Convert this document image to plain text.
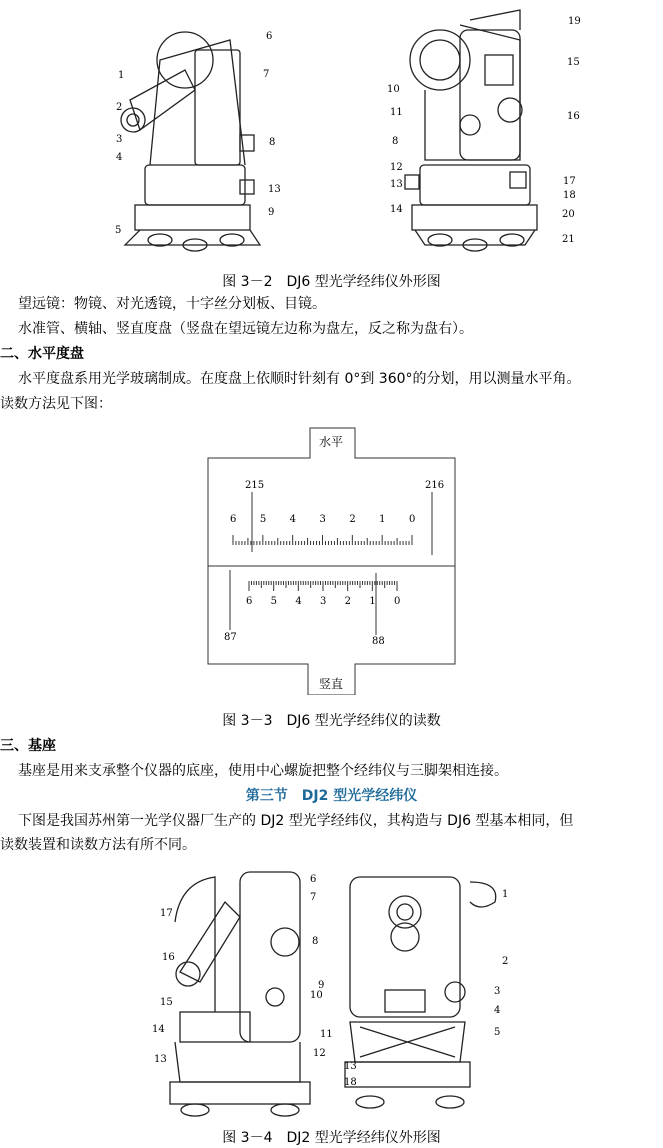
1
2
3
4
5
6
7
8
9
13
19
15
10
16
11
8
12
17
13
18
14	20
21
图 3－2　DJ6 型光学经纬仪外形图
望远镜：物镜、对光透镜，十字丝分划板、目镜。
水准管、横轴、竖直度盘（竖盘在望远镜左边称为盘左，反之称为盘右）。
二、水平度盘
水平度盘系用光学玻璃制成。在度盘上依顺时针刻有 0°到 360°的分划，用以测量水平角。
读数方法见下图：
水平
竖直
215	216
87	88
图 3－3　DJ6 型光学经纬仪的读数
三、基座
基座是用来支承整个仪器的底座，使用中心螺旋把整个经纬仪与三脚架相连接。
第三节　DJ2 型光学经纬仪
下图是我国苏州第一光学仪器厂生产的 DJ2 型光学经纬仪，其构造与 DJ6 型基本相同，但
读数装置和读数方法有所不同。
6
7
17
8
16
9
10
15
14	11
13
12
1
2
3
4
5
13
18
图 3－4　DJ2 型光学经纬仪外形图
6 5 4 3 2 1 0
6 5 4 3 2 1 0
